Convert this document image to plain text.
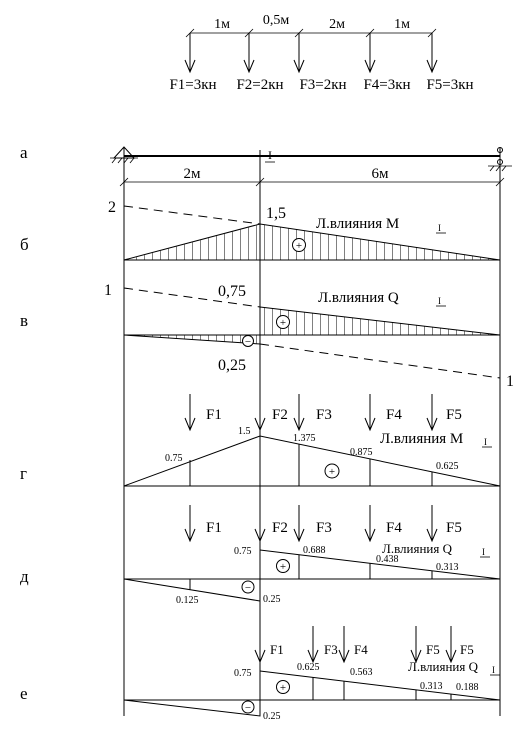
1м 0,5м	2м	1м
F1=3кн F2=2кн F3=2кн F4=3кн F5=3кн
а	I
2м	6м
б
2	1,5
+
Л.влияния M	I
в
1	0,75
0,25
1
+
−
Л.влияния Q	I
г
F1	F2 F3	F4	F5
0.75
1.5
1.375
0.875
0.625
+
Л.влияния M I
д
F1	F2 F3	F4	F5
0.75	0.688
0.438
0.313
0.125	0.25
+
−
Л.влияния Q	I
е
F1	F3 F4	F5 F5
0.75
0.625	0.563
0.313 0.188
0.25
+
−
Л.влияния Q I
